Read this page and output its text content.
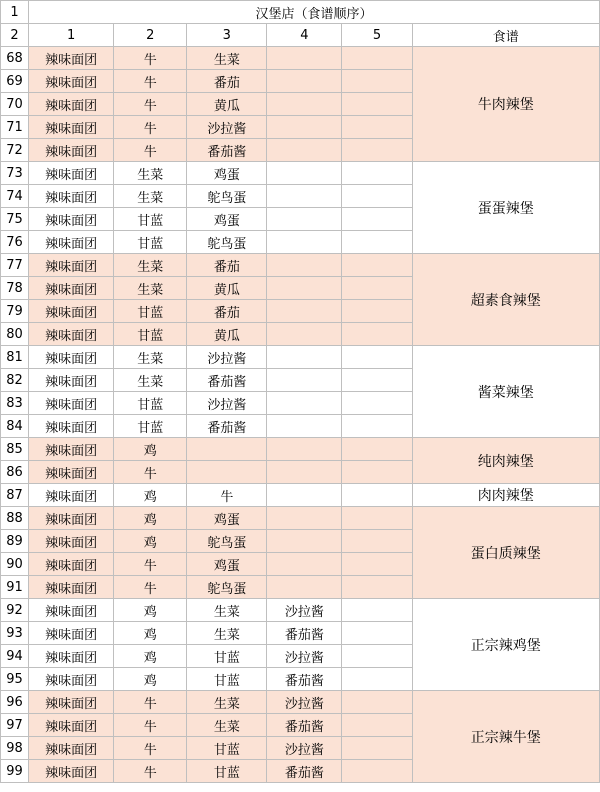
1	汉堡店（食谱顺序）					
2	1	2	3	4	5	食谱
68	辣味面团	牛	生菜			牛肉辣堡
69	辣味面团	牛	番茄			
70	辣味面团	牛	黄瓜			
71	辣味面团	牛	沙拉酱			
72	辣味面团	牛	番茄酱			
73	辣味面团	生菜	鸡蛋			蛋蛋辣堡
74	辣味面团	生菜	鸵鸟蛋			
75	辣味面团	甘蓝	鸡蛋			
76	辣味面团	甘蓝	鸵鸟蛋			
77	辣味面团	生菜	番茄			超素食辣堡
78	辣味面团	生菜	黄瓜			
79	辣味面团	甘蓝	番茄			
80	辣味面团	甘蓝	黄瓜			
81	辣味面团	生菜	沙拉酱			酱菜辣堡
82	辣味面团	生菜	番茄酱			
83	辣味面团	甘蓝	沙拉酱			
84	辣味面团	甘蓝	番茄酱			
85	辣味面团	鸡				纯肉辣堡
86	辣味面团	牛				
87	辣味面团	鸡	牛			肉肉辣堡
88	辣味面团	鸡	鸡蛋			蛋白质辣堡
89	辣味面团	鸡	鸵鸟蛋			
90	辣味面团	牛	鸡蛋			
91	辣味面团	牛	鸵鸟蛋			
92	辣味面团	鸡	生菜	沙拉酱		正宗辣鸡堡
93	辣味面团	鸡	生菜	番茄酱		
94	辣味面团	鸡	甘蓝	沙拉酱		
95	辣味面团	鸡	甘蓝	番茄酱		
96	辣味面团	牛	生菜	沙拉酱		正宗辣牛堡
97	辣味面团	牛	生菜	番茄酱		
98	辣味面团	牛	甘蓝	沙拉酱		
99	辣味面团	牛	甘蓝	番茄酱		
